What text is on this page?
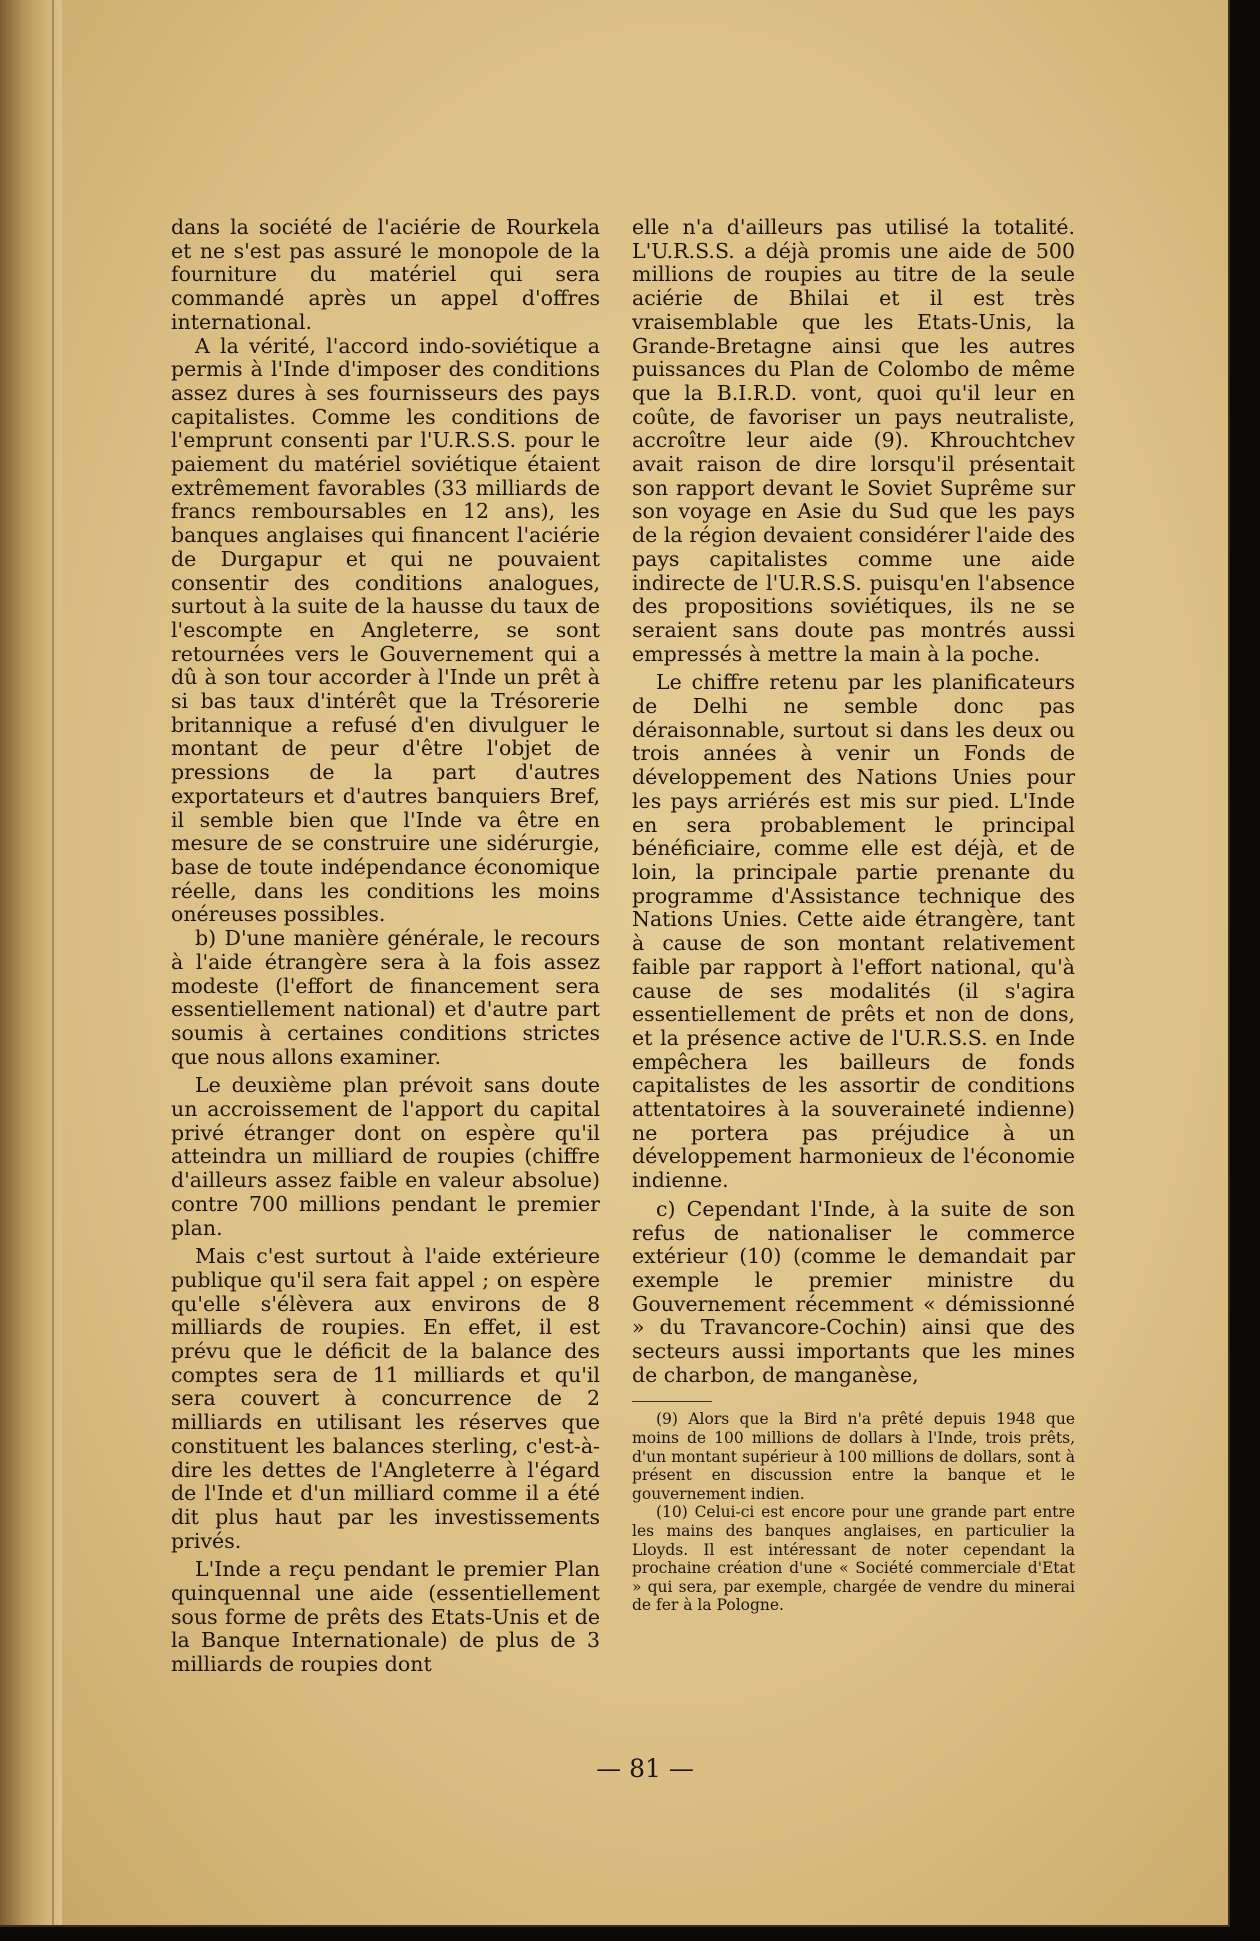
dans la société de l'aciérie de Rourkela et ne s'est pas assuré le monopole de la fourniture du matériel qui sera commandé après un appel d'offres international.

A la vérité, l'accord indo-soviétique a permis à l'Inde d'imposer des conditions assez dures à ses fournisseurs des pays capitalistes. Comme les conditions de l'emprunt consenti par l'U.R.S.S. pour le paiement du matériel soviétique étaient extrêmement favorables (33 milliards de francs remboursables en 12 ans), les banques anglaises qui financent l'aciérie de Durgapur et qui ne pouvaient consentir des conditions analogues, surtout à la suite de la hausse du taux de l'escompte en Angleterre, se sont retournées vers le Gouvernement qui a dû à son tour accorder à l'Inde un prêt à si bas taux d'intérêt que la Trésorerie britannique a refusé d'en divulguer le montant de peur d'être l'objet de pressions de la part d'autres exportateurs et d'autres banquiers Bref, il semble bien que l'Inde va être en mesure de se construire une sidérurgie, base de toute indépendance économique réelle, dans les conditions les moins onéreuses possibles.

b) D'une manière générale, le recours à l'aide étrangère sera à la fois assez modeste (l'effort de financement sera essentiellement national) et d'autre part soumis à certaines conditions strictes que nous allons examiner.

Le deuxième plan prévoit sans doute un accroissement de l'apport du capital privé étranger dont on espère qu'il atteindra un milliard de roupies (chiffre d'ailleurs assez faible en valeur absolue) contre 700 millions pendant le premier plan.

Mais c'est surtout à l'aide extérieure publique qu'il sera fait appel ; on espère qu'elle s'élèvera aux environs de 8 milliards de roupies. En effet, il est prévu que le déficit de la balance des comptes sera de 11 milliards et qu'il sera couvert à concurrence de 2 milliards en utilisant les réserves que constituent les balances sterling, c'est-à-dire les dettes de l'Angleterre à l'égard de l'Inde et d'un milliard comme il a été dit plus haut par les investissements privés.

L'Inde a reçu pendant le premier Plan quinquennal une aide (essentiellement sous forme de prêts des Etats-Unis et de la Banque Internationale) de plus de 3 milliards de roupies dont

elle n'a d'ailleurs pas utilisé la totalité. L'U.R.S.S. a déjà promis une aide de 500 millions de roupies au titre de la seule aciérie de Bhilai et il est très vraisemblable que les Etats-Unis, la Grande-Bretagne ainsi que les autres puissances du Plan de Colombo de même que la B.I.R.D. vont, quoi qu'il leur en coûte, de favoriser un pays neutraliste, accroître leur aide (9). Khrouchtchev avait raison de dire lorsqu'il présentait son rapport devant le Soviet Suprême sur son voyage en Asie du Sud que les pays de la région devaient considérer l'aide des pays capitalistes comme une aide indirecte de l'U.R.S.S. puisqu'en l'absence des propositions soviétiques, ils ne se seraient sans doute pas montrés aussi empressés à mettre la main à la poche.

Le chiffre retenu par les planificateurs de Delhi ne semble donc pas déraisonnable, surtout si dans les deux ou trois années à venir un Fonds de développement des Nations Unies pour les pays arriérés est mis sur pied. L'Inde en sera probablement le principal bénéficiaire, comme elle est déjà, et de loin, la principale partie prenante du programme d'Assistance technique des Nations Unies. Cette aide étrangère, tant à cause de son montant relativement faible par rapport à l'effort national, qu'à cause de ses modalités (il s'agira essentiellement de prêts et non de dons, et la présence active de l'U.R.S.S. en Inde empêchera les bailleurs de fonds capitalistes de les assortir de conditions attentatoires à la souveraineté indienne) ne portera pas préjudice à un développement harmonieux de l'économie indienne.

c) Cependant l'Inde, à la suite de son refus de nationaliser le commerce extérieur (10) (comme le demandait par exemple le premier ministre du Gouvernement récemment « démissionné » du Travancore-Cochin) ainsi que des secteurs aussi importants que les mines de charbon, de manganèse,

(9) Alors que la Bird n'a prêté depuis 1948 que moins de 100 millions de dollars à l'Inde, trois prêts, d'un montant supérieur à 100 millions de dollars, sont à présent en discussion entre la banque et le gouvernement indien.

(10) Celui-ci est encore pour une grande part entre les mains des banques anglaises, en particulier la Lloyds. Il est intéressant de noter cependant la prochaine création d'une « Société commerciale d'Etat » qui sera, par exemple, chargée de vendre du minerai de fer à la Pologne.

— 81 —
